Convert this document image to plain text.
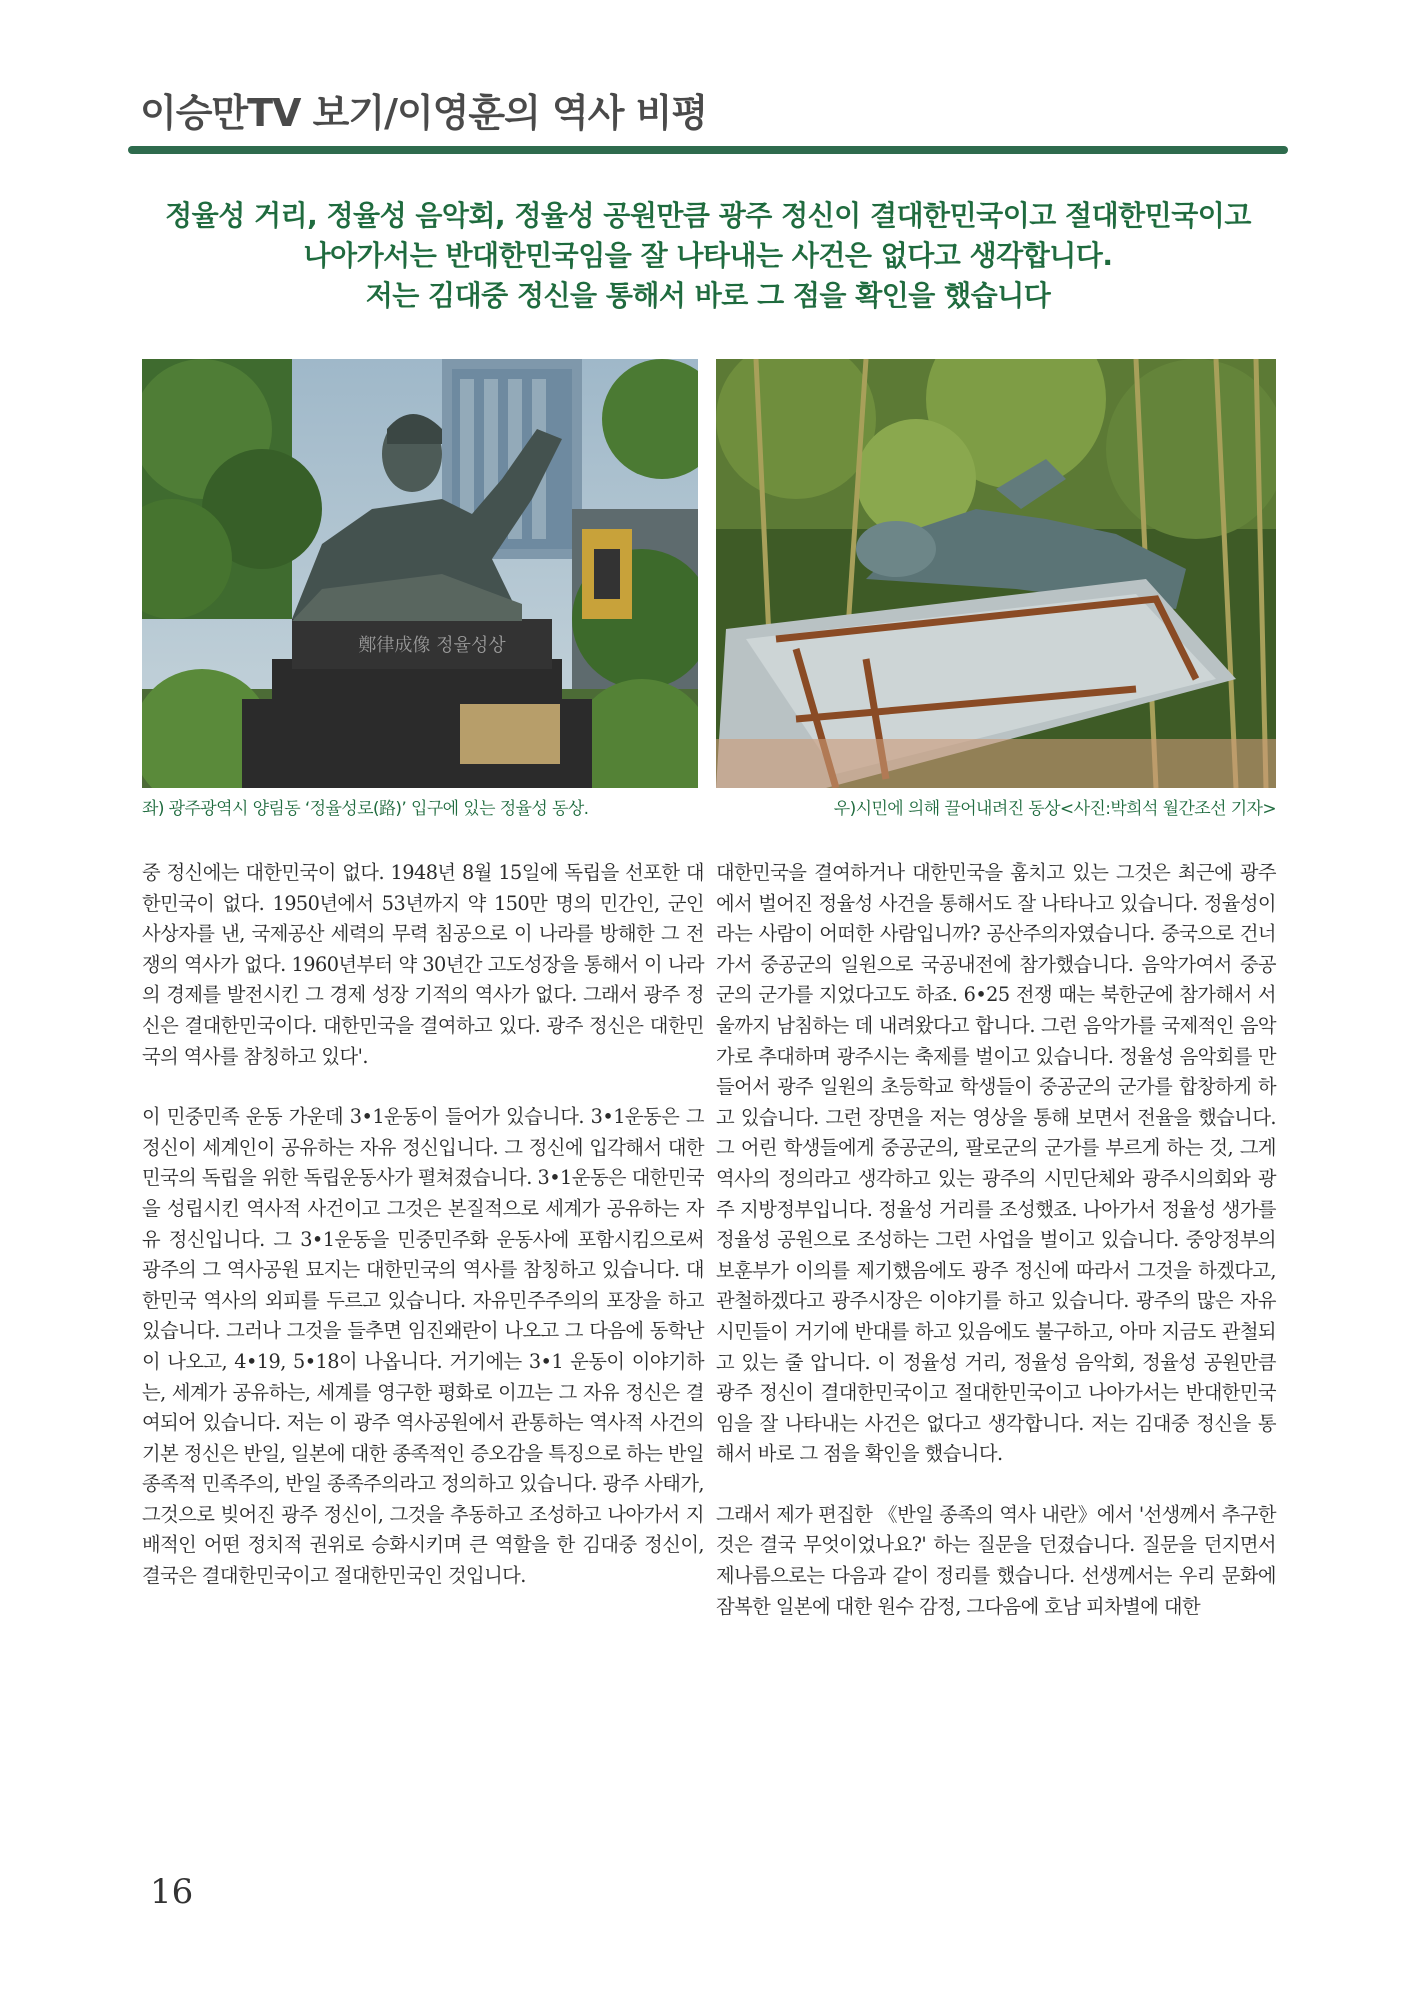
이승만TV 보기/이영훈의 역사 비평
정율성 거리, 정율성 음악회, 정율성 공원만큼 광주 정신이 결대한민국이고 절대한민국이고
나아가서는 반대한민국임을 잘 나타내는 사건은 없다고 생각합니다.
저는 김대중 정신을 통해서 바로 그 점을 확인을 했습니다
鄭律成像 정율성상
좌) 광주광역시 양림동 ‘정율성로(路)’ 입구에 있는 정율성 동상.	우)시민에 의해 끌어내려진 동상<사진:박희석 월간조선 기자>

중 정신에는 대한민국이 없다. 1948년 8월 15일에 독립을 선포한 대한민국이 없다. 1950년에서 53년까지 약 150만 명의 민간인, 군인 사상자를 낸, 국제공산 세력의 무력 침공으로 이 나라를 방해한 그 전쟁의 역사가 없다. 1960년부터 약 30년간 고도성장을 통해서 이 나라의 경제를 발전시킨 그 경제 성장 기적의 역사가 없다. 그래서 광주 정신은 결대한민국이다. 대한민국을 결여하고 있다. 광주 정신은 대한민국의 역사를 참칭하고 있다'.

이 민중민족 운동 가운데 3•1운동이 들어가 있습니다. 3•1운동은 그 정신이 세계인이 공유하는 자유 정신입니다. 그 정신에 입각해서 대한민국의 독립을 위한 독립운동사가 펼쳐졌습니다. 3•1운동은 대한민국을 성립시킨 역사적 사건이고 그것은 본질적으로 세계가 공유하는 자유 정신입니다. 그 3•1운동을 민중민주화 운동사에 포함시킴으로써 광주의 그 역사공원 묘지는 대한민국의 역사를 참칭하고 있습니다. 대한민국 역사의 외피를 두르고 있습니다. 자유민주주의의 포장을 하고 있습니다. 그러나 그것을 들추면 임진왜란이 나오고 그 다음에 동학난이 나오고, 4•19, 5•18이 나옵니다. 거기에는 3•1 운동이 이야기하는, 세계가 공유하는, 세계를 영구한 평화로 이끄는 그 자유 정신은 결여되어 있습니다. 저는 이 광주 역사공원에서 관통하는 역사적 사건의 기본 정신은 반일, 일본에 대한 종족적인 증오감을 특징으로 하는 반일 종족적 민족주의, 반일 종족주의라고 정의하고 있습니다. 광주 사태가, 그것으로 빚어진 광주 정신이, 그것을 추동하고 조성하고 나아가서 지배적인 어떤 정치적 권위로 승화시키며 큰 역할을 한 김대중 정신이, 결국은 결대한민국이고 절대한민국인 것입니다.

대한민국을 결여하거나 대한민국을 훔치고 있는 그것은 최근에 광주에서 벌어진 정율성 사건을 통해서도 잘 나타나고 있습니다. 정율성이라는 사람이 어떠한 사람입니까? 공산주의자였습니다. 중국으로 건너가서 중공군의 일원으로 국공내전에 참가했습니다. 음악가여서 중공군의 군가를 지었다고도 하죠. 6•25 전쟁 때는 북한군에 참가해서 서울까지 남침하는 데 내려왔다고 합니다. 그런 음악가를 국제적인 음악가로 추대하며 광주시는 축제를 벌이고 있습니다. 정율성 음악회를 만들어서 광주 일원의 초등학교 학생들이 중공군의 군가를 합창하게 하고 있습니다. 그런 장면을 저는 영상을 통해 보면서 전율을 했습니다. 그 어린 학생들에게 중공군의, 팔로군의 군가를 부르게 하는 것, 그게 역사의 정의라고 생각하고 있는 광주의 시민단체와 광주시의회와 광주 지방정부입니다. 정율성 거리를 조성했죠. 나아가서 정율성 생가를 정율성 공원으로 조성하는 그런 사업을 벌이고 있습니다. 중앙정부의 보훈부가 이의를 제기했음에도 광주 정신에 따라서 그것을 하겠다고, 관철하겠다고 광주시장은 이야기를 하고 있습니다. 광주의 많은 자유 시민들이 거기에 반대를 하고 있음에도 불구하고, 아마 지금도 관철되고 있는 줄 압니다. 이 정율성 거리, 정율성 음악회, 정율성 공원만큼 광주 정신이 결대한민국이고 절대한민국이고 나아가서는 반대한민국임을 잘 나타내는 사건은 없다고 생각합니다. 저는 김대중 정신을 통해서 바로 그 점을 확인을 했습니다.

그래서 제가 편집한 《반일 종족의 역사 내란》에서 '선생께서 추구한 것은 결국 무엇이었나요?' 하는 질문을 던졌습니다. 질문을 던지면서 제나름으로는 다음과 같이 정리를 했습니다. 선생께서는 우리 문화에 잠복한 일본에 대한 원수 감정, 그다음에 호남 피차별에 대한

16
